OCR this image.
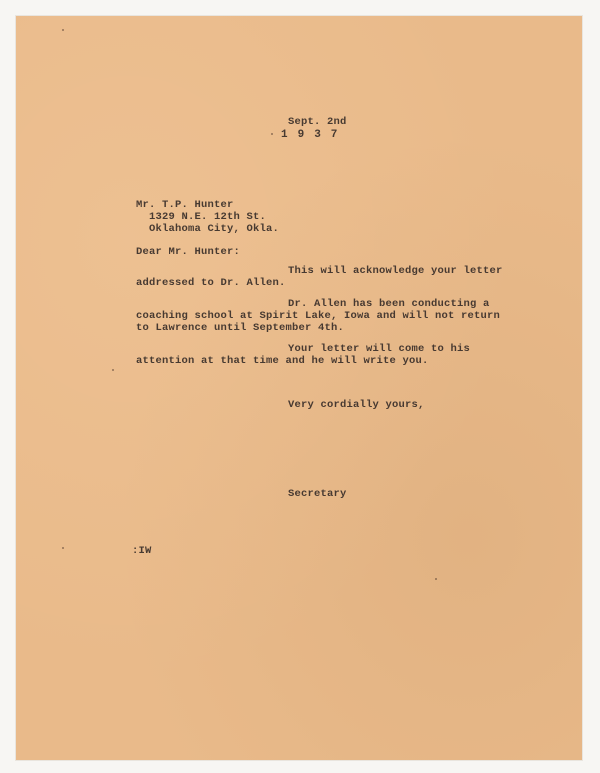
Sept. 2nd
1937
Mr. T.P. Hunter
1329 N.E. 12th St.
Oklahoma City, Okla.
Dear Mr. Hunter:
This will acknowledge your letter
addressed to Dr. Allen.
Dr. Allen has been conducting a
coaching school at Spirit Lake, Iowa and will not return
to Lawrence until September 4th.
Your letter will come to his
attention at that time and he will write you.
Very cordially yours,
Secretary
:IW
